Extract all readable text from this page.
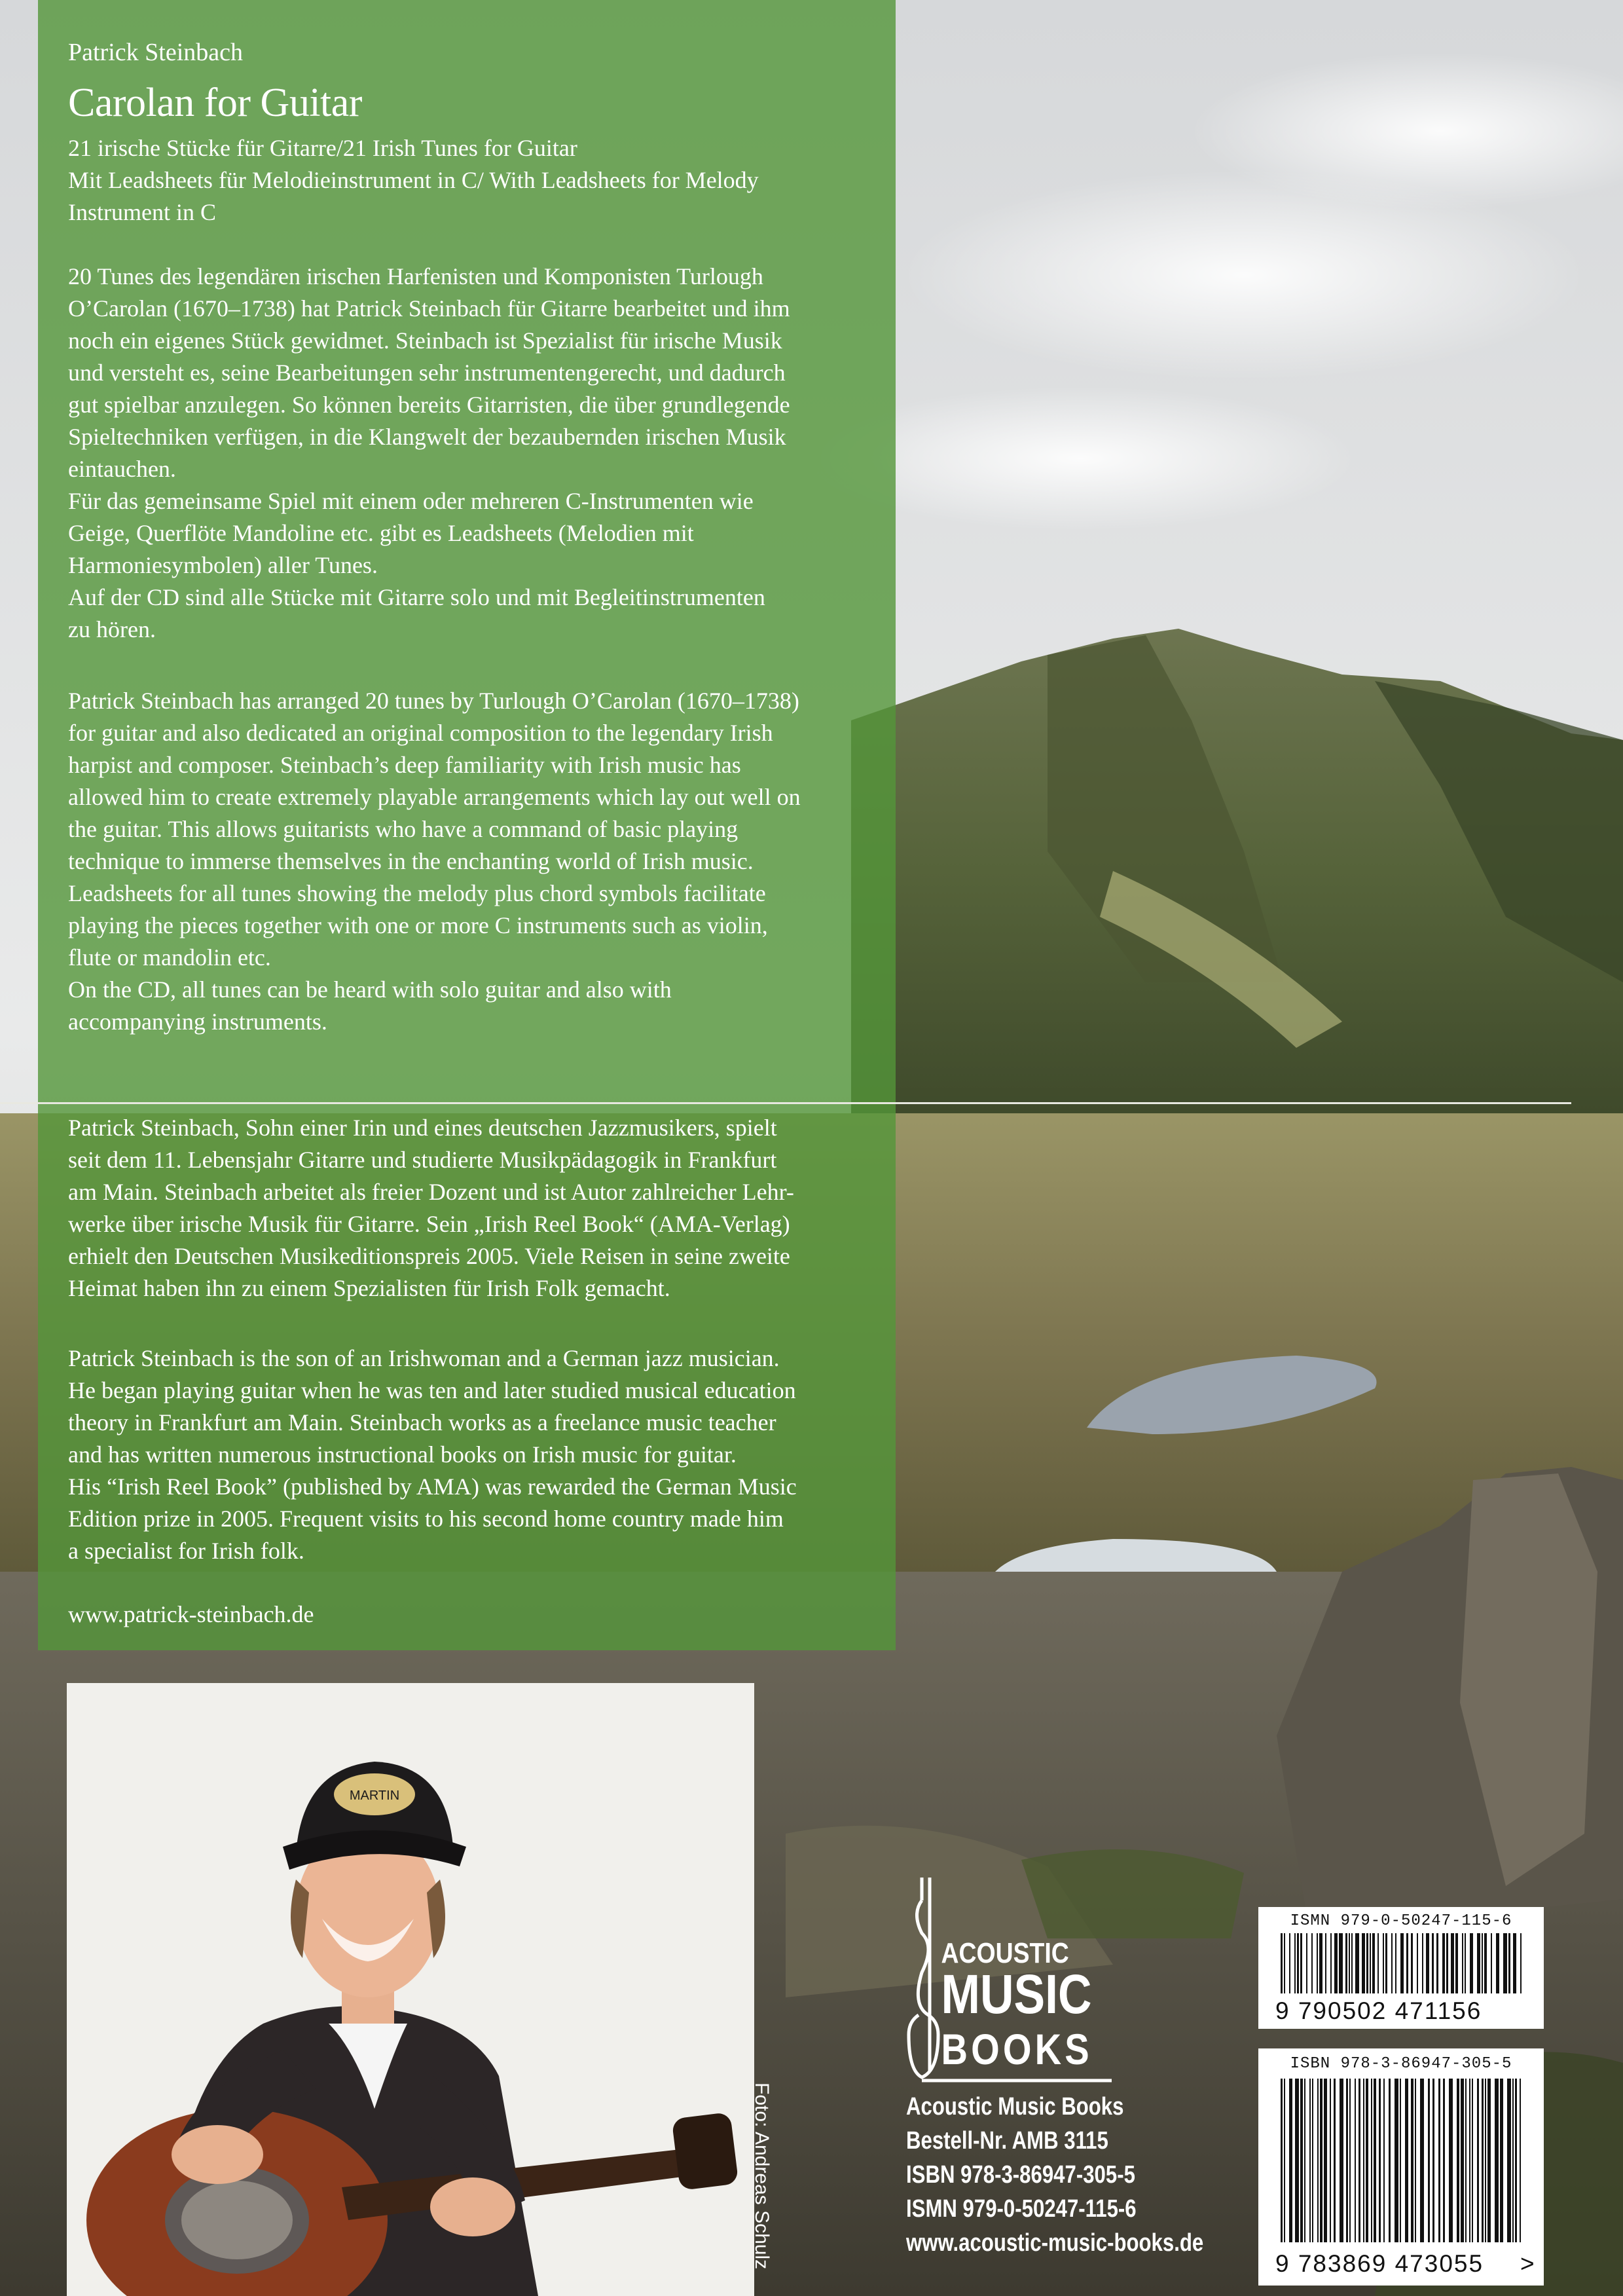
Patrick Steinbach

Carolan for Guitar

21 irische Stücke für Gitarre/21 Irish Tunes for Guitar
Mit Leadsheets für Melodieinstrument in C/ With Leadsheets for Melody
Instrument in C

20 Tunes des legendären irischen Harfenisten und Komponisten Turlough
O’Carolan (1670–1738) hat Patrick Steinbach für Gitarre bearbeitet und ihm
noch ein eigenes Stück gewidmet. Steinbach ist Spezialist für irische Musik
und versteht es, seine Bearbeitungen sehr instrumentengerecht, und dadurch
gut spielbar anzulegen. So können bereits Gitarristen, die über grundlegende
Spieltechniken verfügen, in die Klangwelt der bezaubernden irischen Musik
eintauchen.
Für das gemeinsame Spiel mit einem oder mehreren C-Instrumenten wie
Geige, Querflöte Mandoline etc. gibt es Leadsheets (Melodien mit
Harmoniesymbolen) aller Tunes.
Auf der CD sind alle Stücke mit Gitarre solo und mit Begleitinstrumenten
zu hören.

Patrick Steinbach has arranged 20 tunes by Turlough O’Carolan (1670–1738)
for guitar and also dedicated an original composition to the legendary Irish
harpist and composer. Steinbach’s deep familiarity with Irish music has
allowed him to create extremely playable arrangements which lay out well on
the guitar. This allows guitarists who have a command of basic playing
technique to immerse themselves in the enchanting world of Irish music.
Leadsheets for all tunes showing the melody plus chord symbols facilitate
playing the pieces together with one or more C instruments such as violin,
flute or mandolin etc.
On the CD, all tunes can be heard with solo guitar and also with
accompanying instruments.

Patrick Steinbach, Sohn einer Irin und eines deutschen Jazzmusikers, spielt
seit dem 11. Lebensjahr Gitarre und studierte Musikpädagogik in Frankfurt
am Main. Steinbach arbeitet als freier Dozent und ist Autor zahlreicher Lehr-
werke über irische Musik für Gitarre. Sein „Irish Reel Book“ (AMA-Verlag)
erhielt den Deutschen Musikeditionspreis 2005. Viele Reisen in seine zweite
Heimat haben ihn zu einem Spezialisten für Irish Folk gemacht.

Patrick Steinbach is the son of an Irishwoman and a German jazz musician.
He began playing guitar when he was ten and later studied musical education
theory in Frankfurt am Main. Steinbach works as a freelance music teacher
and has written numerous instructional books on Irish music for guitar.
His “Irish Reel Book” (published by AMA) was rewarded the German Music
Edition prize in 2005. Frequent visits to his second home country made him
a specialist for Irish folk.

www.patrick-steinbach.de

MARTIN
Foto: Andreas Schulz
ACOUSTIC
MUSIC
BOOKS
Acoustic Music Books
Bestell-Nr. AMB 3115
ISBN 978-3-86947-305-5
ISMN 979-0-50247-115-6
www.acoustic-music-books.de
ISMN 979-0-50247-115-6
9 790502 471156
ISBN 978-3-86947-305-5
9 783869 473055 >
